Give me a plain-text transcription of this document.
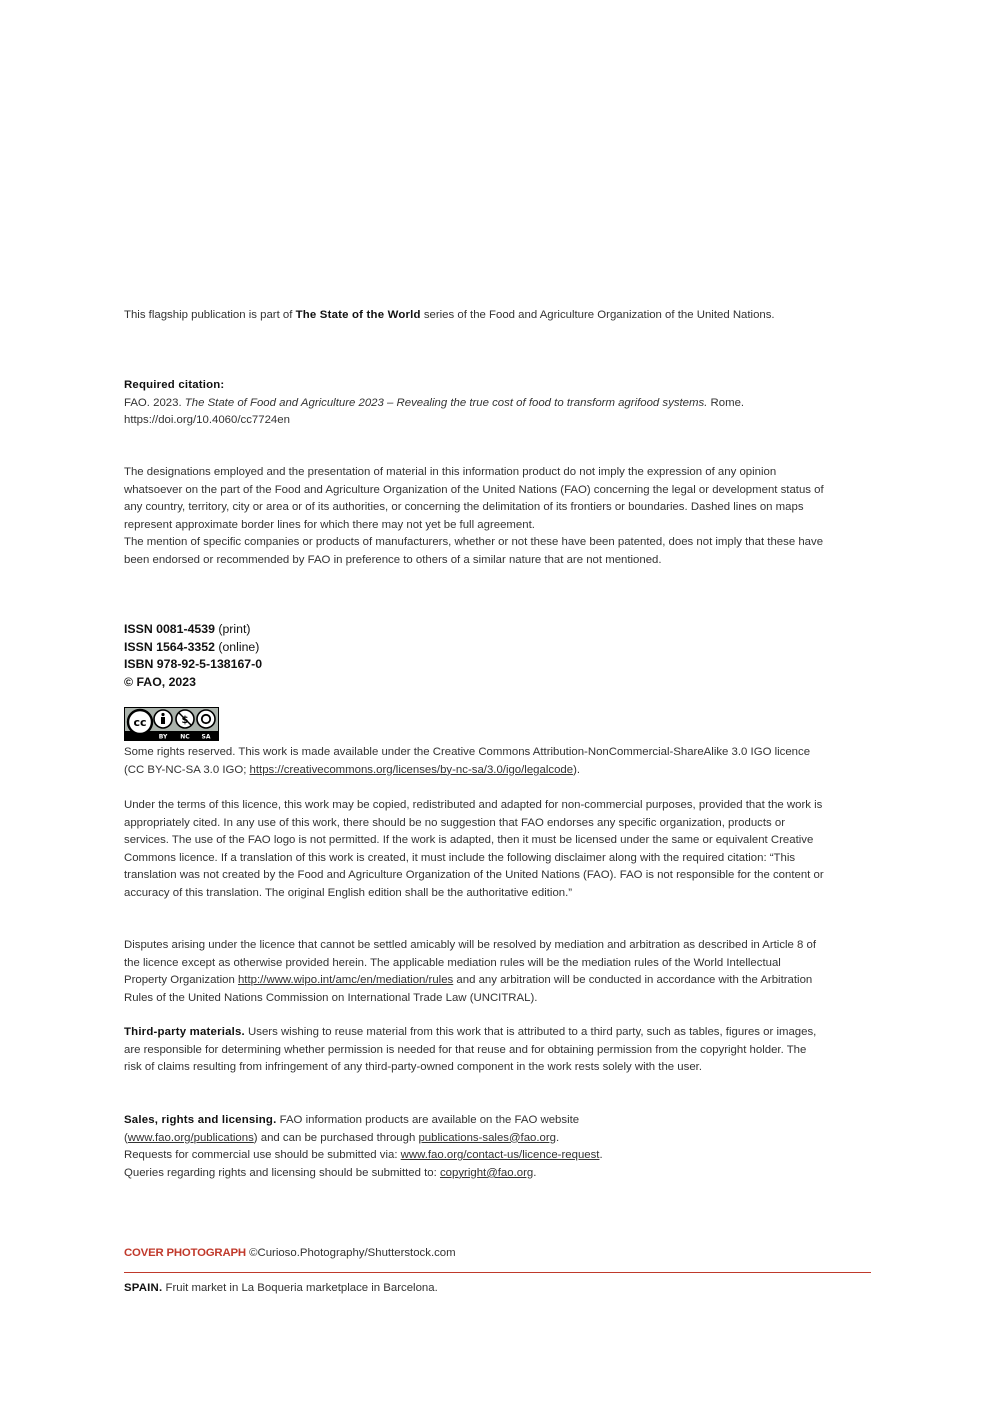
This flagship publication is part of The State of the World series of the Food and Agriculture Organization of the United Nations.

Required citation:

FAO. 2023. The State of Food and Agriculture 2023 – Revealing the true cost of food to transform agrifood systems. Rome. https://doi.org/10.4060/cc7724en

The designations employed and the presentation of material in this information product do not imply the expression of any opinion whatsoever on the part of the Food and Agriculture Organization of the United Nations (FAO) concerning the legal or development status of any country, territory, city or area or of its authorities, or concerning the delimitation of its frontiers or boundaries. Dashed lines on maps represent approximate border lines for which there may not yet be full agreement.

The mention of specific companies or products of manufacturers, whether or not these have been patented, does not imply that these have been endorsed or recommended by FAO in preference to others of a similar nature that are not mentioned.

ISSN 0081-4539 (print)

ISSN 1564-3352 (online)

ISBN 978-92-5-138167-0

© FAO, 2023

cc	$
BY NC SA

Some rights reserved. This work is made available under the Creative Commons Attribution-NonCommercial-ShareAlike 3.0 IGO licence (CC BY-NC-SA 3.0 IGO; https://creativecommons.org/licenses/by-nc-sa/3.0/igo/legalcode).

Under the terms of this licence, this work may be copied, redistributed and adapted for non-commercial purposes, provided that the work is appropriately cited. In any use of this work, there should be no suggestion that FAO endorses any specific organization, products or services. The use of the FAO logo is not permitted. If the work is adapted, then it must be licensed under the same or equivalent Creative Commons licence. If a translation of this work is created, it must include the following disclaimer along with the required citation: “This translation was not created by the Food and Agriculture Organization of the United Nations (FAO). FAO is not responsible for the content or accuracy of this translation. The original English edition shall be the authoritative edition.”

Disputes arising under the licence that cannot be settled amicably will be resolved by mediation and arbitration as described in Article 8 of the licence except as otherwise provided herein. The applicable mediation rules will be the mediation rules of the World Intellectual Property Organization http://www.wipo.int/amc/en/mediation/rules and any arbitration will be conducted in accordance with the Arbitration Rules of the United Nations Commission on International Trade Law (UNCITRAL).

Third-party materials. Users wishing to reuse material from this work that is attributed to a third party, such as tables, figures or images, are responsible for determining whether permission is needed for that reuse and for obtaining permission from the copyright holder. The risk of claims resulting from infringement of any third-party-owned component in the work rests solely with the user.

Sales, rights and licensing. FAO information products are available on the FAO website

(www.fao.org/publications) and can be purchased through publications-sales@fao.org.

Requests for commercial use should be submitted via: www.fao.org/contact-us/licence-request.

Queries regarding rights and licensing should be submitted to: copyright@fao.org.

COVER PHOTOGRAPH ©Curioso.Photography/Shutterstock.com
SPAIN. Fruit market in La Boqueria marketplace in Barcelona.
